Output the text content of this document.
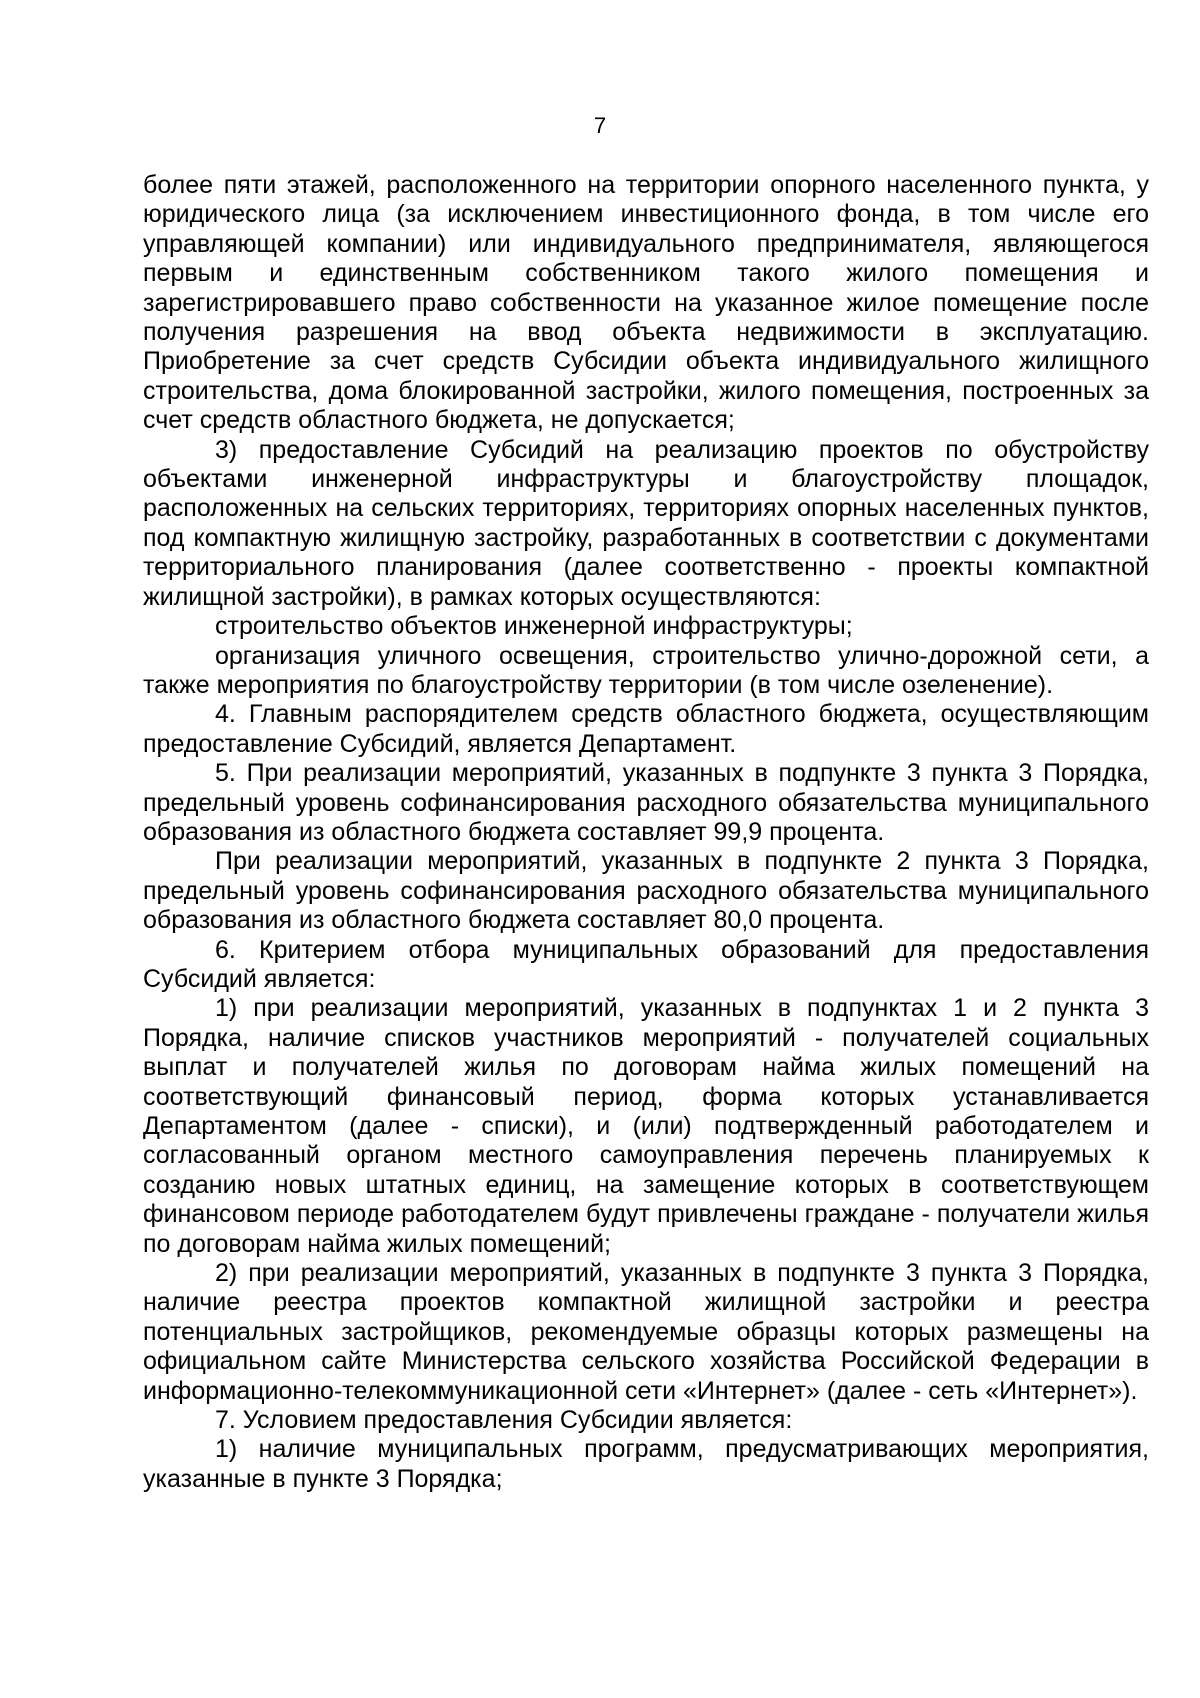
7

более пяти этажей, расположенного на территории опорного населенного пункта, у юридического лица (за исключением инвестиционного фонда, в том числе его управляющей компании) или индивидуального предпринимателя, являющегося первым и единственным собственником такого жилого помещения и зарегистрировавшего право собственности на указанное жилое помещение после получения разрешения на ввод объекта недвижимости в эксплуатацию. Приобретение за счет средств Субсидии объекта индивидуального жилищного строительства, дома блокированной застройки, жилого помещения, построенных за счет средств областного бюджета, не допускается;

3) предоставление Субсидий на реализацию проектов по обустройству объектами инженерной инфраструктуры и благоустройству площадок, расположенных на сельских территориях, территориях опорных населенных пунктов, под компактную жилищную застройку, разработанных в соответствии с документами территориального планирования (далее соответственно - проекты компактной жилищной застройки), в рамках которых осуществляются:

строительство объектов инженерной инфраструктуры;

организация уличного освещения, строительство улично-дорожной сети, а также мероприятия по благоустройству территории (в том числе озеленение).

4. Главным распорядителем средств областного бюджета, осуществляющим предоставление Субсидий, является Департамент.

5. При реализации мероприятий, указанных в подпункте 3 пункта 3 Порядка, предельный уровень софинансирования расходного обязательства муниципального образования из областного бюджета составляет 99,9 процента.

При реализации мероприятий, указанных в подпункте 2 пункта 3 Порядка, предельный уровень софинансирования расходного обязательства муниципального образования из областного бюджета составляет 80,0 процента.

6. Критерием отбора муниципальных образований для предоставления Субсидий является:

1) при реализации мероприятий, указанных в подпунктах 1 и 2 пункта 3 Порядка, наличие списков участников мероприятий - получателей социальных выплат и получателей жилья по договорам найма жилых помещений на соответствующий финансовый период, форма которых устанавливается Департаментом (далее - списки), и (или) подтвержденный работодателем и согласованный органом местного самоуправления перечень планируемых к созданию новых штатных единиц, на замещение которых в соответствующем финансовом периоде работодателем будут привлечены граждане - получатели жилья по договорам найма жилых помещений;

2) при реализации мероприятий, указанных в подпункте 3 пункта 3 Порядка, наличие реестра проектов компактной жилищной застройки и реестра потенциальных застройщиков, рекомендуемые образцы которых размещены на официальном сайте Министерства сельского хозяйства Российской Федерации в информационно-телекоммуникационной сети «Интернет» (далее - сеть «Интернет»).

7. Условием предоставления Субсидии является:

1) наличие муниципальных программ, предусматривающих мероприятия, указанные в пункте 3 Порядка;
